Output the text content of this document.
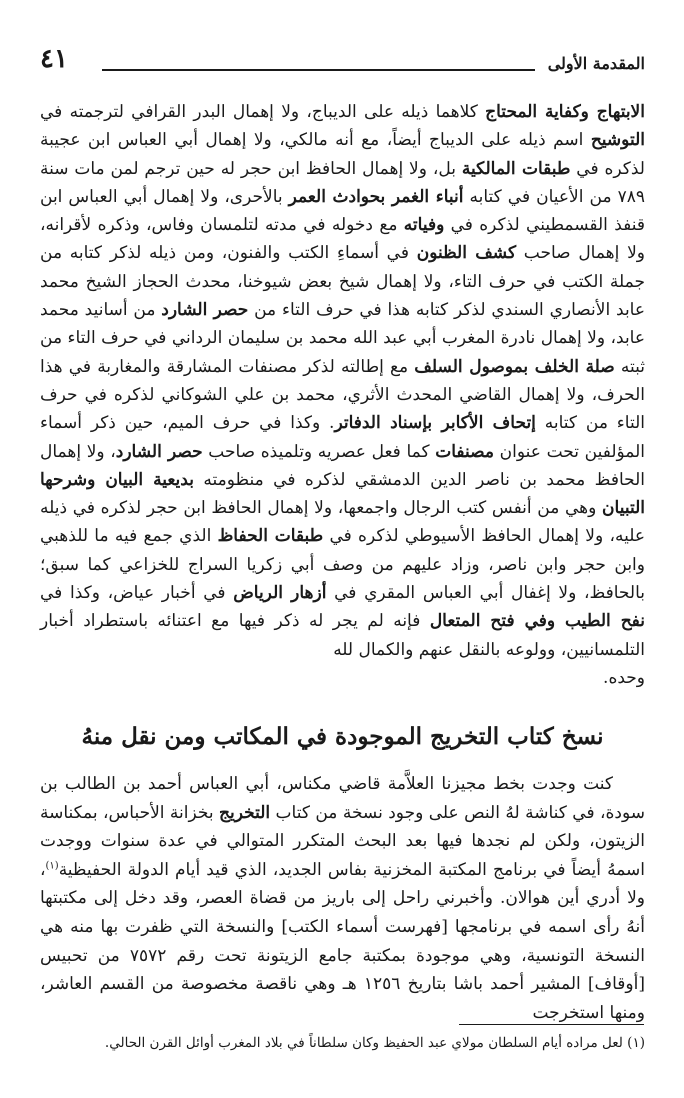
المقدمة الأولى
٤١
الابتهاج وكفاية المحتاج كلاهما ذيله على الديباج، ولا إهمال البدر القرافي لترجمته في التوشيح اسم ذيله على الديباج أيضاً، مع أنه مالكي، ولا إهمال أبي العباس ابن عجيبة لذكره في طبقات المالكية بل، ولا إهمال الحافظ ابن حجر له حين ترجم لمن مات سنة ٧٨٩ من الأعيان في كتابه أنباء الغمر بحوادث العمر بالأحرى، ولا إهمال أبي العباس ابن قنفذ القسمطيني لذكره في وفياته مع دخوله في مدته لتلمسان وفاس، وذكره لأقرانه، ولا إهمال صاحب كشف الظنون في أسماءِ الكتب والفنون، ومن ذيله لذكر كتابه من جملة الكتب في حرف التاء، ولا إهمال شيخ بعض شيوخنا، محدث الحجاز الشيخ محمد عابد الأنصاري السندي لذكر كتابه هذا في حرف التاء من حصر الشارد من أسانيد محمد عابد، ولا إهمال نادرة المغرب أبي عبد الله محمد بن سليمان الرداني في حرف التاء من ثبته صلة الخلف بموصول السلف مع إطالته لذكر مصنفات المشارقة والمغاربة في هذا الحرف، ولا إهمال القاضي المحدث الأثري، محمد بن علي الشوكاني لذكره في حرف التاء من كتابه إتحاف الأكابر بإسناد الدفاتر. وكذا في حرف الميم، حين ذكر أسماء المؤلفين تحت عنوان مصنفات كما فعل عصريه وتلميذه صاحب حصر الشارد، ولا إهمال الحافظ محمد بن ناصر الدين الدمشقي لذكره في منظومته بديعية البيان وشرحها التبيان وهي من أنفس كتب الرجال واجمعها، ولا إهمال الحافظ ابن حجر لذكره في ذيله عليه، ولا إهمال الحافظ الأسيوطي لذكره في طبقات الحفاظ الذي جمع فيه ما للذهبي وابن حجر وابن ناصر، وزاد عليهم من وصف أبي زكريا السراج للخزاعي كما سبق؛ بالحافظ، ولا إغفال أبي العباس المقري في أزهار الرياض في أخبار عياض، وكذا في نفح الطيب وفي فتح المتعال فإنه لم يجر له ذكر فيها مع اعتنائه باستطراد أخبار التلمسانيين، وولوعه بالنقل عنهم والكمال لله
وحده.
نسخ كتاب التخريج الموجودة في المكاتب ومن نقل منهُ
كنت وجدت بخط مجيزنا العلاَّمة قاضي مكناس، أبي العباس أحمد بن الطالب بن سودة، في كناشة لهُ النص على وجود نسخة من كتاب التخريج بخزانة الأحباس، بمكناسة الزيتون، ولكن لم نجدها فيها بعد البحث المتكرر المتوالي في عدة سنوات ووجدت اسمهُ أيضاً في برنامج المكتبة المخزنية بفاس الجديد، الذي قيد أيام الدولة الحفيظية$^{(١)}$، ولا أدري أين هوالان. وأخبرني راحل إلى باريز من قضاة العصر، وقد دخل إلى مكتبتها أنهُ رأى اسمه في برنامجها [فهرست أسماء الكتب] والنسخة التي ظفرت بها منه هي النسخة التونسية، وهي موجودة بمكتبة جامع الزيتونة تحت رقم ٧٥٧٢ من تحبيس [أوقاف] المشير أحمد باشا بتاريخ ١٢٥٦ هـ وهي ناقصة مخصوصة من القسم العاشر، ومنها استخرجت
(١) لعل مراده أيام السلطان مولاي عبد الحفيظ وكان سلطاناً في بلاد المغرب أوائل القرن الحالي.
